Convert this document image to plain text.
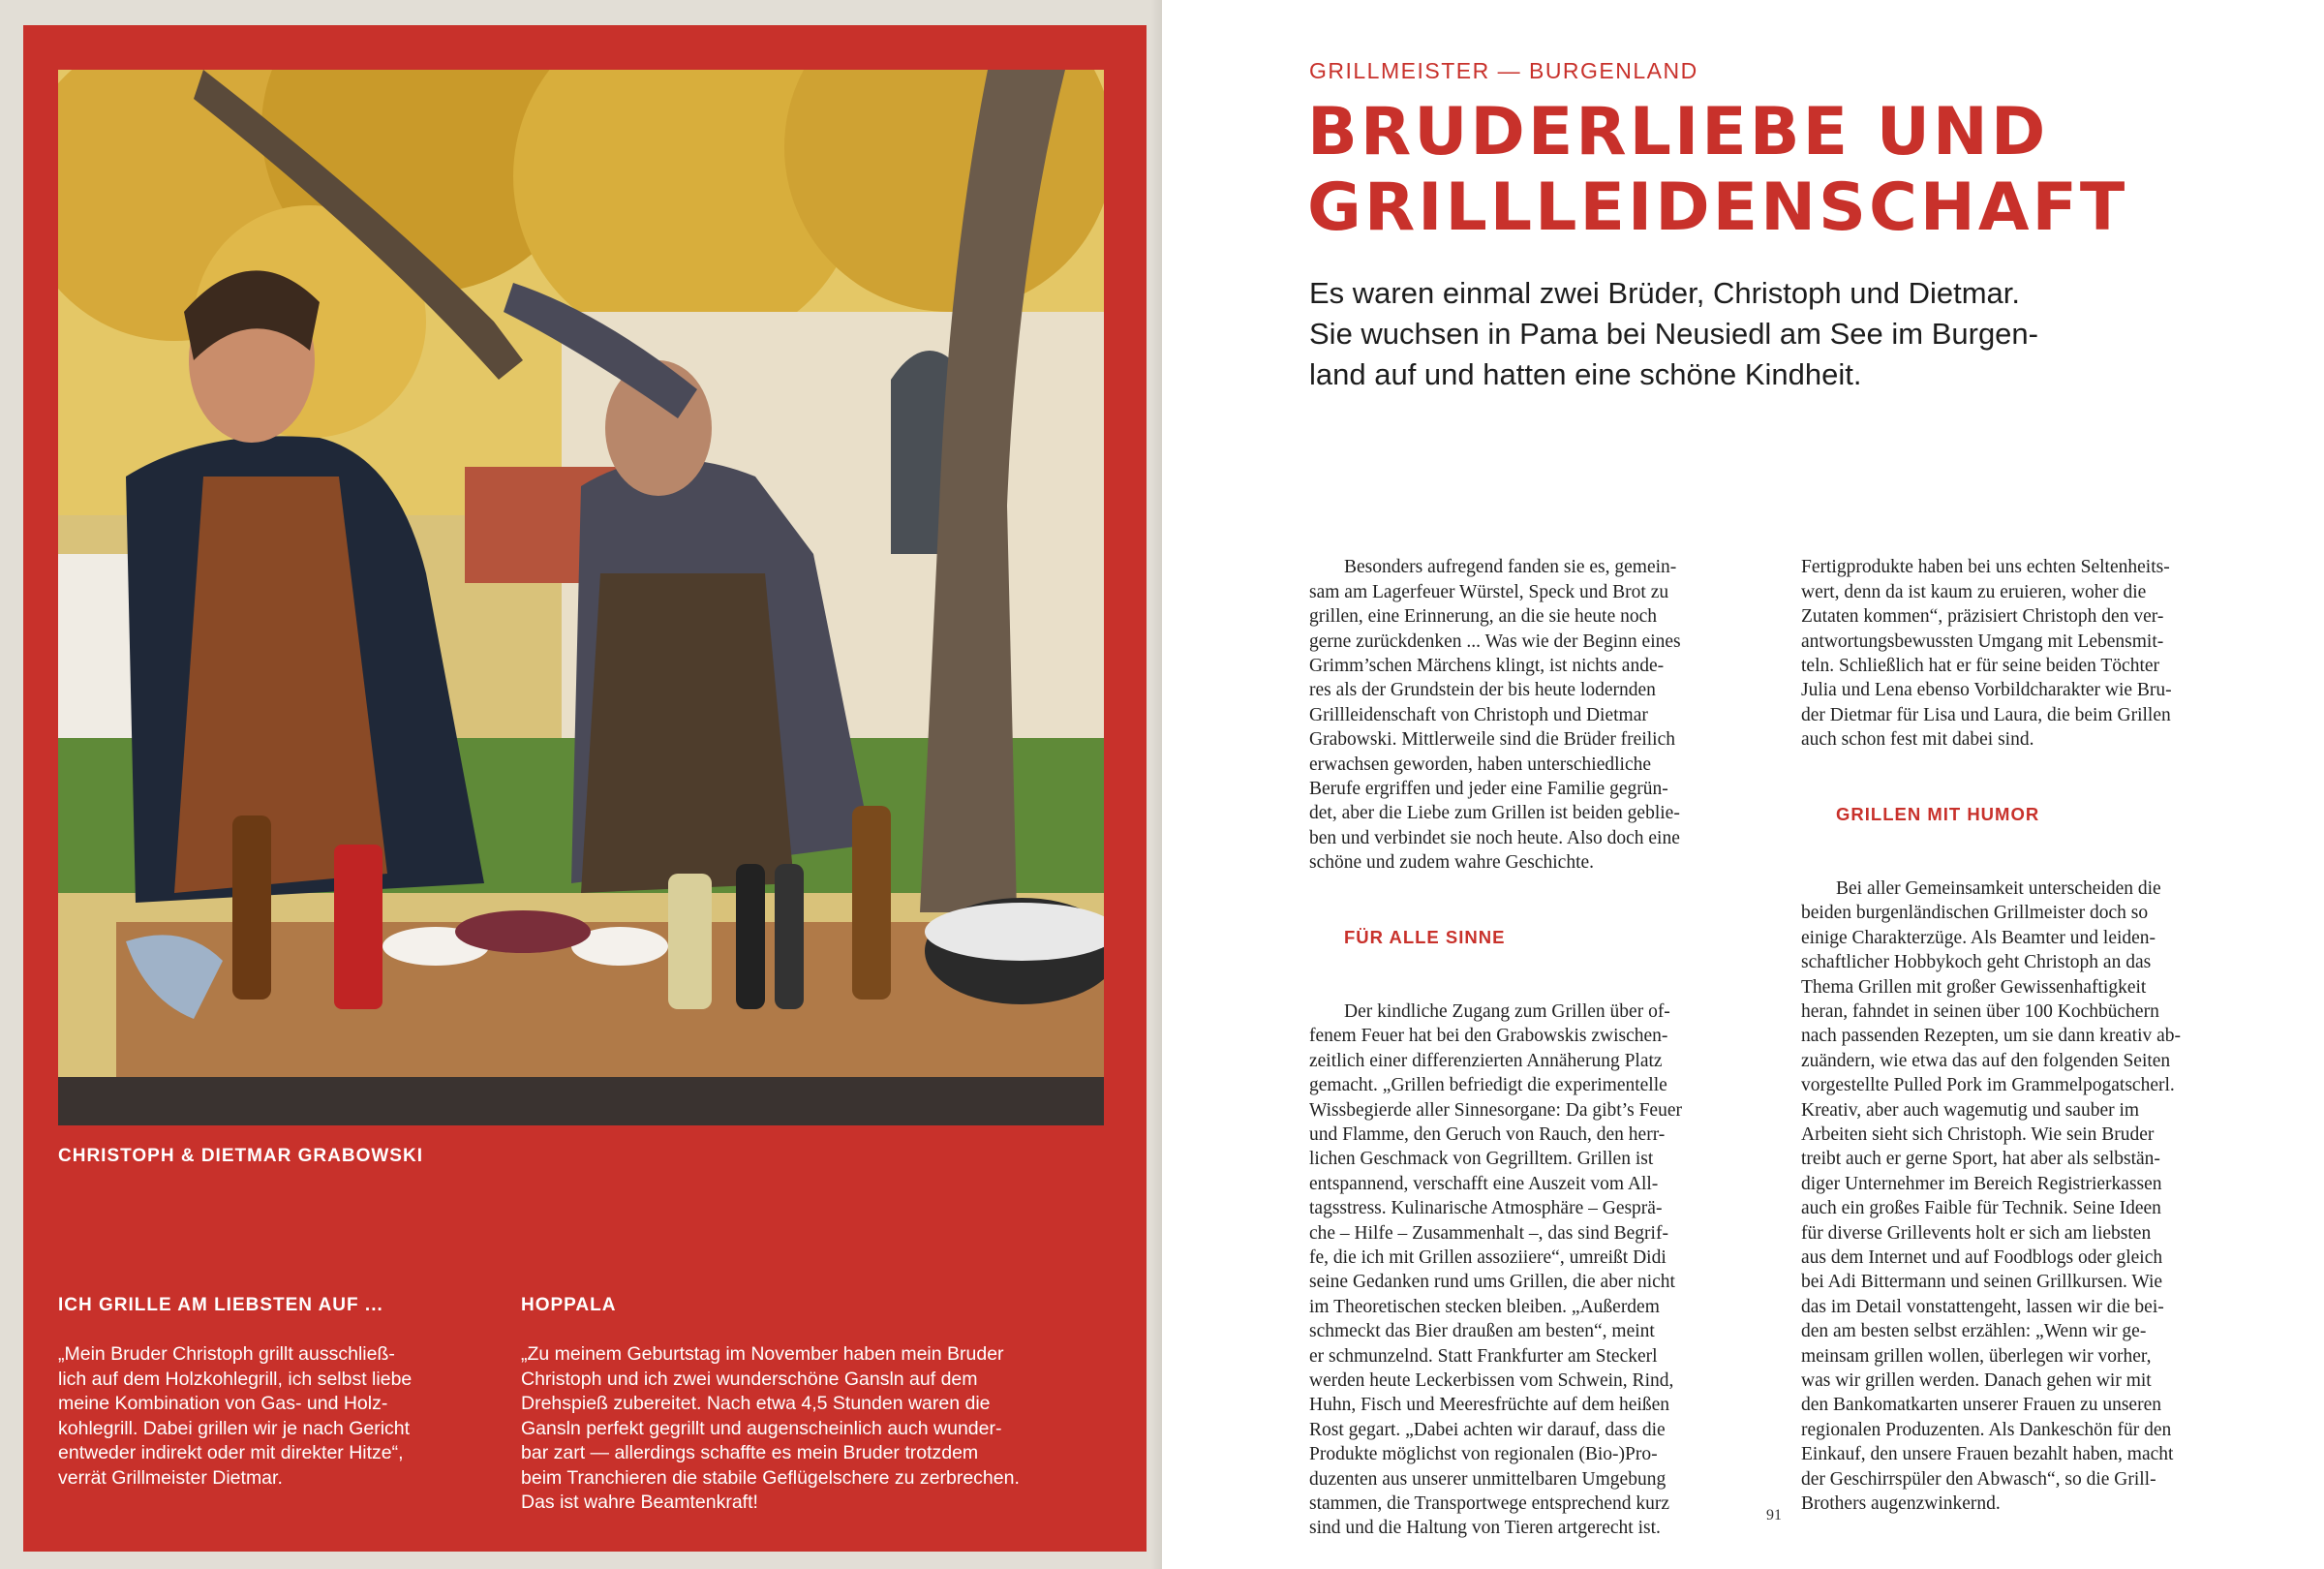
CHRISTOPH & DIETMAR GRABOWSKI
ICH GRILLE AM LIEBSTEN AUF ...
„Mein Bruder Christoph grillt ausschließ-
lich auf dem Holzkohlegrill, ich selbst liebe
meine Kombination von Gas- und Holz-
kohlegrill. Dabei grillen wir je nach Gericht
entweder indirekt oder mit direkter Hitze“,
verrät Grillmeister Dietmar.
HOPPALA
„Zu meinem Geburtstag im November haben mein Bruder
Christoph und ich zwei wunderschöne Gansln auf dem
Drehspieß zubereitet. Nach etwa 4,5 Stunden waren die
Gansln perfekt gegrillt und augenscheinlich auch wunder-
bar zart — allerdings schaffte es mein Bruder trotzdem
beim Tranchieren die stabile Geflügelschere zu zerbrechen.
Das ist wahre Beamtenkraft!
GRILLMEISTER — BURGENLAND
BRUDERLIEBE UND
GRILLLEIDENSCHAFT
Es waren einmal zwei Brüder, Christoph und Dietmar.
Sie wuchsen in Pama bei Neusiedl am See im Burgen-
land auf und hatten eine schöne Kindheit.

Besonders aufregend fanden sie es, gemein-
sam am Lagerfeuer Würstel, Speck und Brot zu
grillen, eine Erinnerung, an die sie heute noch
gerne zurückdenken ... Was wie der Beginn eines
Grimm’schen Märchens klingt, ist nichts ande-
res als der Grundstein der bis heute lodernden
Grillleidenschaft von Christoph und Dietmar
Grabowski. Mittlerweile sind die Brüder freilich
erwachsen geworden, haben unterschiedliche
Berufe ergriffen und jeder eine Familie gegrün-
det, aber die Liebe zum Grillen ist beiden geblie-
ben und verbindet sie noch heute. Also doch eine
schöne und zudem wahre Geschichte.

FÜR ALLE SINNE

Der kindliche Zugang zum Grillen über of-
fenem Feuer hat bei den Grabowskis zwischen-
zeitlich einer differenzierten Annäherung Platz
gemacht. „Grillen befriedigt die experimentelle
Wissbegierde aller Sinnesorgane: Da gibt’s Feuer
und Flamme, den Geruch von Rauch, den herr-
lichen Geschmack von Gegrilltem. Grillen ist
entspannend, verschafft eine Auszeit vom All-
tagsstress. Kulinarische Atmosphäre – Gesprä-
che – Hilfe – Zusammenhalt –, das sind Begrif-
fe, die ich mit Grillen assoziiere“, umreißt Didi
seine Gedanken rund ums Grillen, die aber nicht
im Theoretischen stecken bleiben. „Außerdem
schmeckt das Bier draußen am besten“, meint
er schmunzelnd. Statt Frankfurter am Steckerl
werden heute Leckerbissen vom Schwein, Rind,
Huhn, Fisch und Meeresfrüchte auf dem heißen
Rost gegart. „Dabei achten wir darauf, dass die
Produkte möglichst von regionalen (Bio-)Pro-
duzenten aus unserer unmittelbaren Umgebung
stammen, die Transportwege entsprechend kurz
sind und die Haltung von Tieren artgerecht ist.

Fertigprodukte haben bei uns echten Seltenheits-
wert, denn da ist kaum zu eruieren, woher die
Zutaten kommen“, präzisiert Christoph den ver-
antwortungsbewussten Umgang mit Lebensmit-
teln. Schließlich hat er für seine beiden Töchter
Julia und Lena ebenso Vorbildcharakter wie Bru-
der Dietmar für Lisa und Laura, die beim Grillen
auch schon fest mit dabei sind.

GRILLEN MIT HUMOR

Bei aller Gemeinsamkeit unterscheiden die
beiden burgenländischen Grillmeister doch so
einige Charakterzüge. Als Beamter und leiden-
schaftlicher Hobbykoch geht Christoph an das
Thema Grillen mit großer Gewissenhaftigkeit
heran, fahndet in seinen über 100 Kochbüchern
nach passenden Rezepten, um sie dann kreativ ab-
zuändern, wie etwa das auf den folgenden Seiten
vorgestellte Pulled Pork im Grammelpogatscherl.
Kreativ, aber auch wagemutig und sauber im
Arbeiten sieht sich Christoph. Wie sein Bruder
treibt auch er gerne Sport, hat aber als selbstän-
diger Unternehmer im Bereich Registrierkassen
auch ein großes Faible für Technik. Seine Ideen
für diverse Grillevents holt er sich am liebsten
aus dem Internet und auf Foodblogs oder gleich
bei Adi Bittermann und seinen Grillkursen. Wie
das im Detail vonstattengeht, lassen wir die bei-
den am besten selbst erzählen: „Wenn wir ge-
meinsam grillen wollen, überlegen wir vorher,
was wir grillen werden. Danach gehen wir mit
den Bankomatkarten unserer Frauen zu unseren
regionalen Produzenten. Als Dankeschön für den
Einkauf, den unsere Frauen bezahlt haben, macht
der Geschirrspüler den Abwasch“, so die Grill-
Brothers augenzwinkernd.

91
